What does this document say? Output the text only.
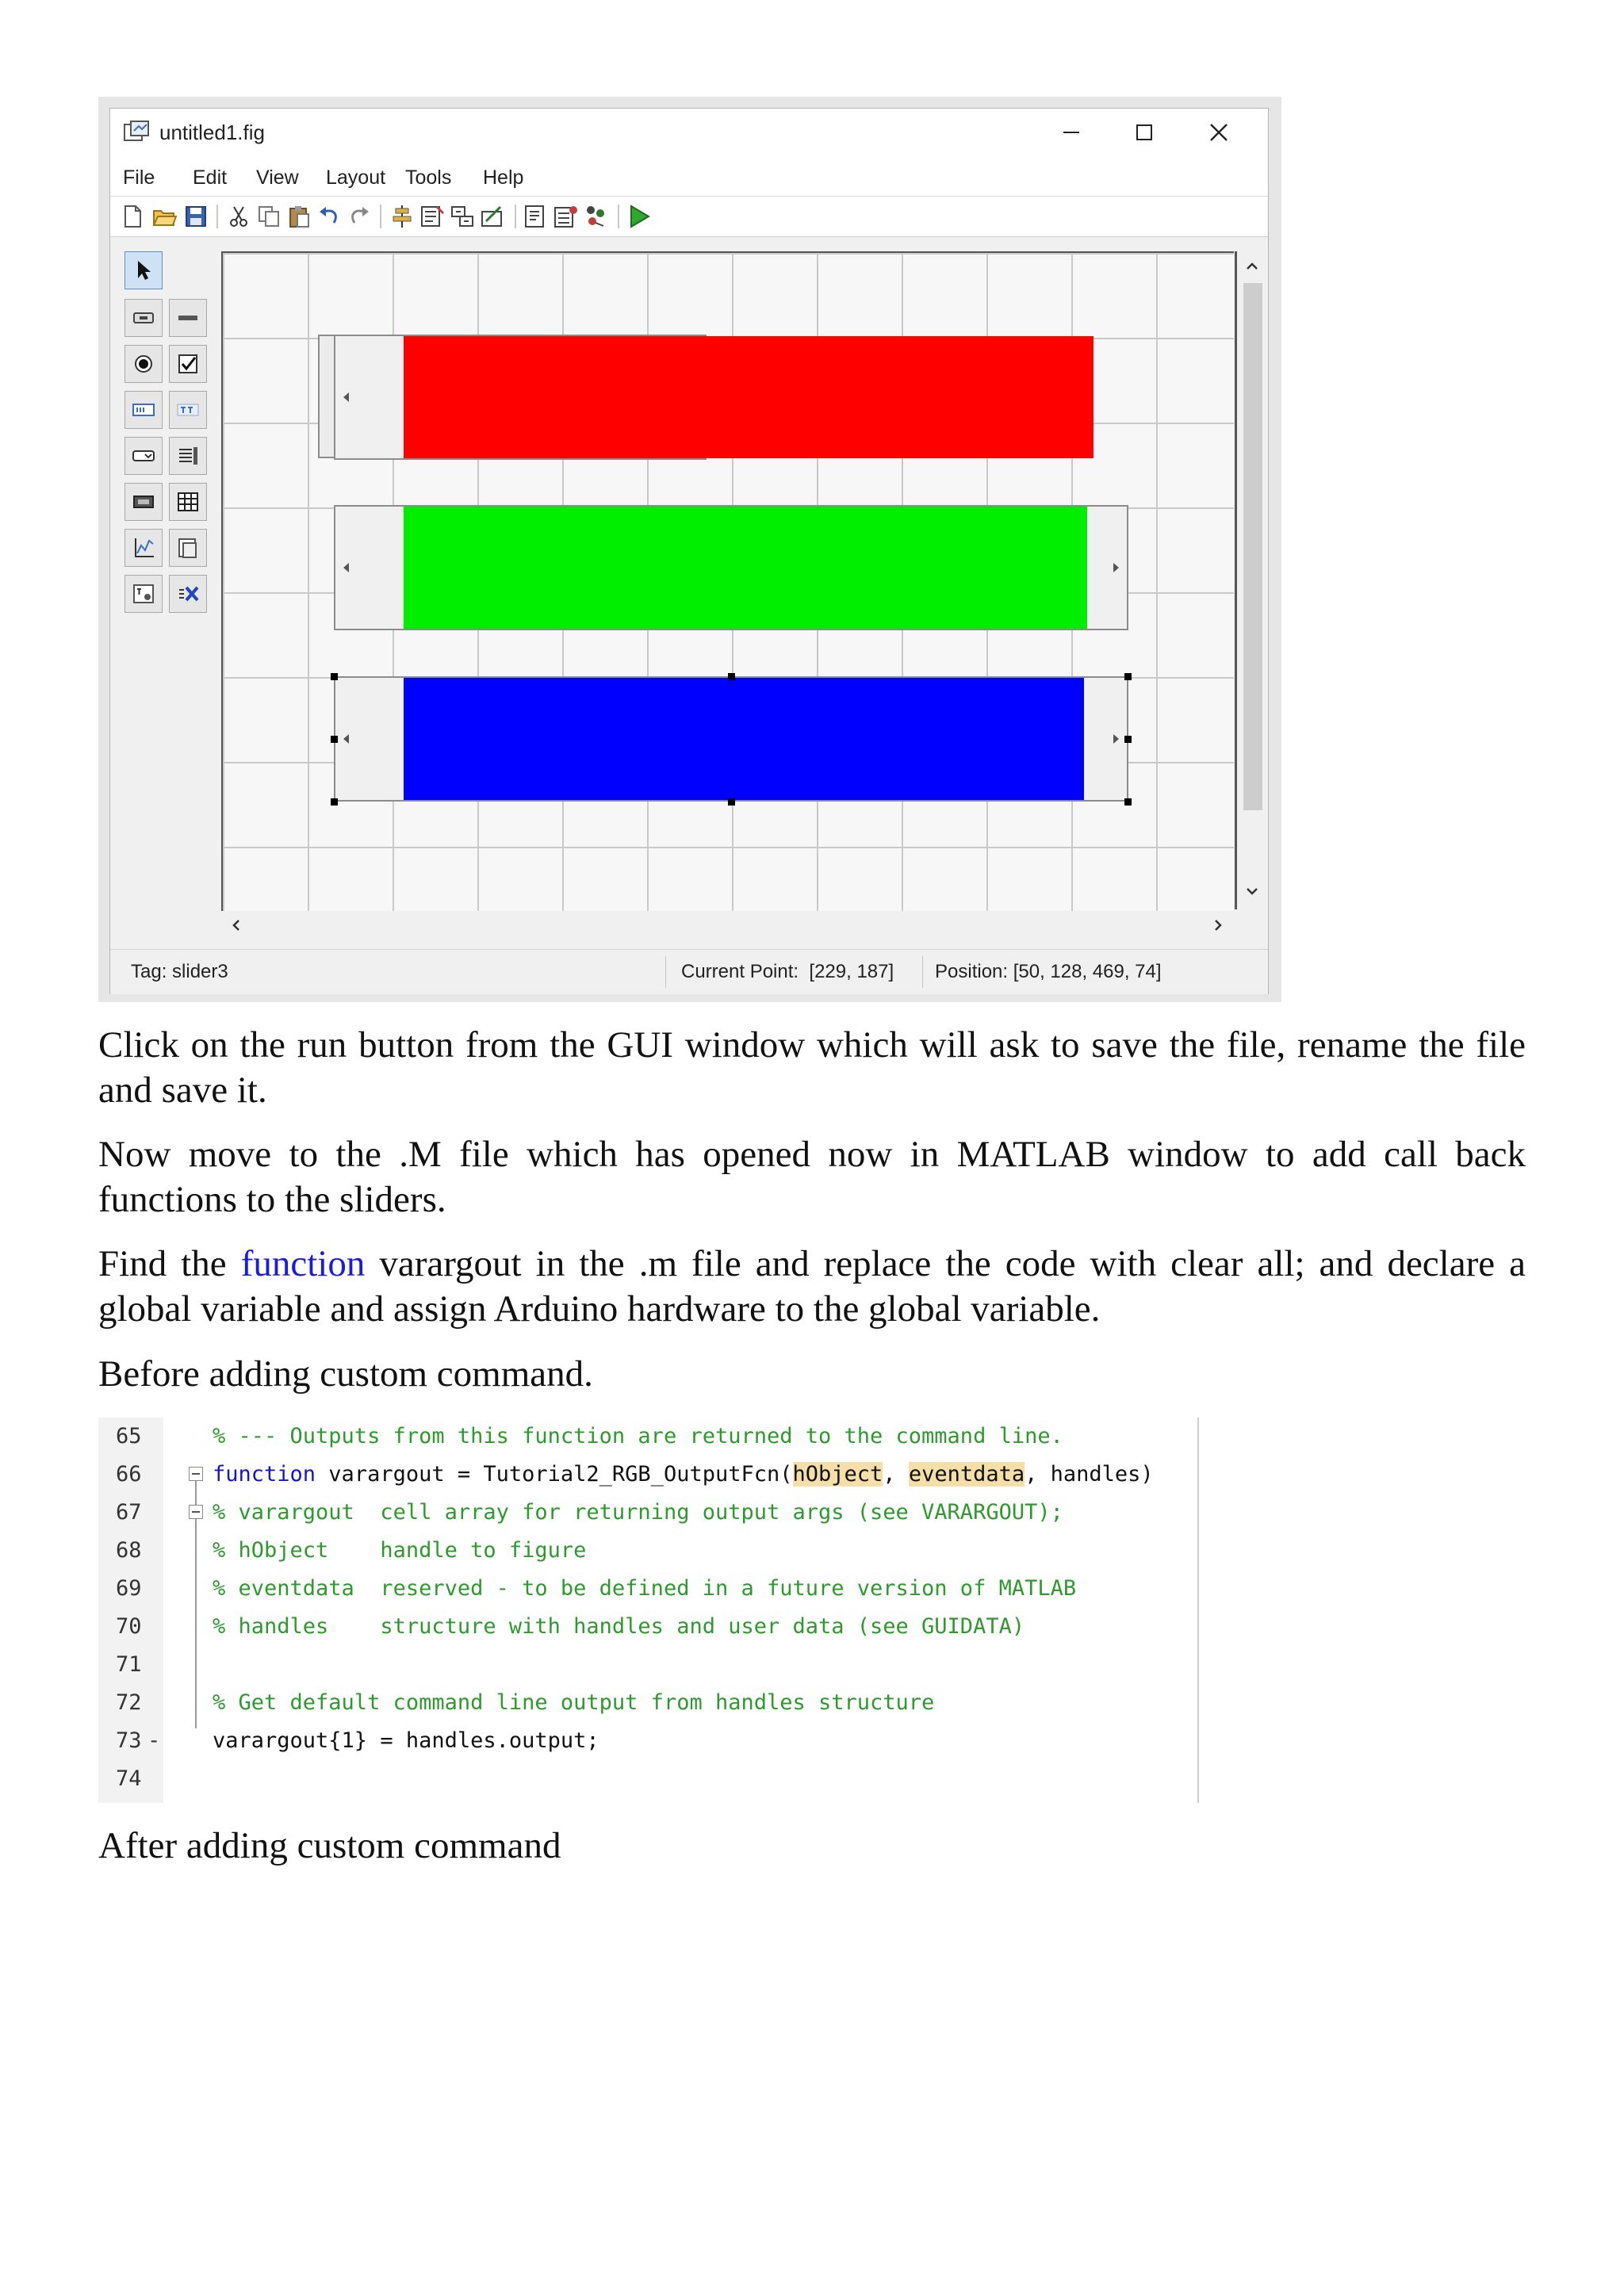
untitled1.fig
File Edit View Layout Tools Help
Tag: slider3	Current Point:  [229, 187] Position: [50, 128, 469, 74]

Click on the run button from the GUI window which will ask to save the file, rename the file and save it.

Now move to the .M file which has opened now in MATLAB window to add call back functions to the sliders.

Find the function varargout in the .m file and replace the code with clear all; and declare a global variable and assign Arduino hardware to the global variable.

Before adding custom command.

65	% --- Outputs from this function are returned to the command line.
66	function varargout = Tutorial2_RGB_OutputFcn(hObject, eventdata, handles)
67	% varargout  cell array for returning output args (see VARARGOUT);
68	% hObject    handle to figure
69	% eventdata  reserved - to be defined in a future version of MATLAB
70	% handles    structure with handles and user data (see GUIDATA)
71
72	% Get default command line output from handles structure
73 - varargout{1} = handles.output;
74

After adding custom command
